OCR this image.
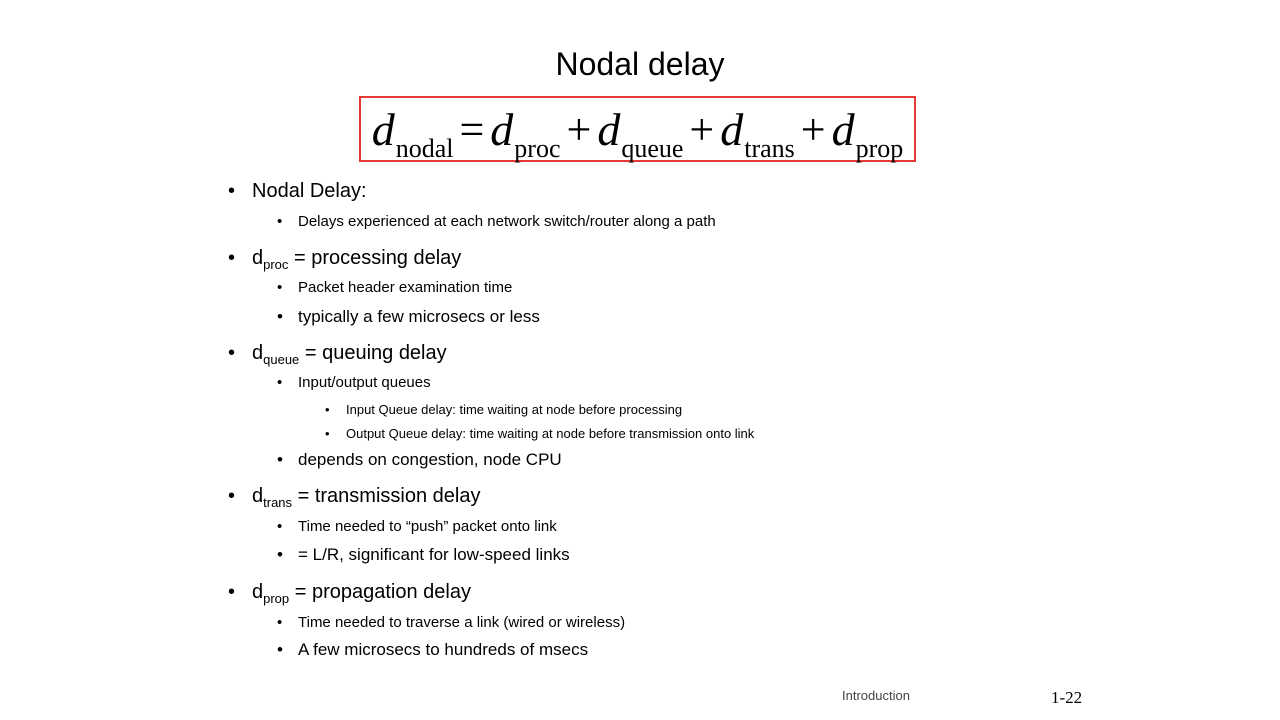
Nodal delay
dnodal = dproc + dqueue + dtrans + dprop
• Nodal Delay:
• Delays experienced at each network switch/router along a path
• $d_{proc}$ = processing delay
• Packet header examination time
• typically a few microsecs or less
• $d_{queue}$ = queuing delay
• Input/output queues
• Input Queue delay: time waiting at node before processing
• Output Queue delay: time waiting at node before transmission onto link
• depends on congestion, node CPU
• $d_{trans}$ = transmission delay
• Time needed to “push” packet onto link
• = L/R, significant for low-speed links
• $d_{prop}$ = propagation delay
• Time needed to traverse a link (wired or wireless)
• A few microsecs to hundreds of msecs
Introduction	1-22
